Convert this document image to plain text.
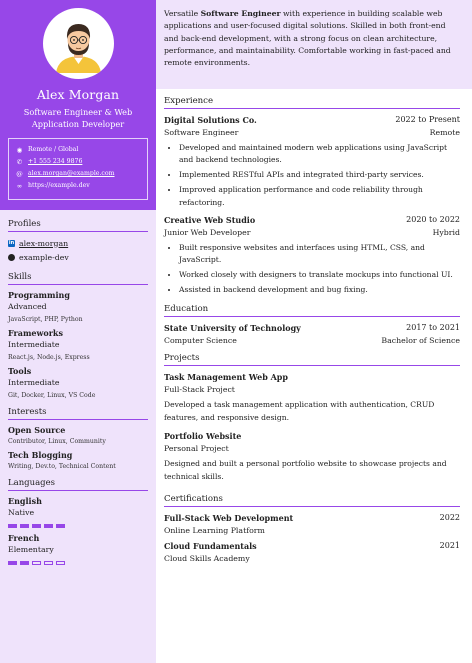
Alex Morgan
Software Engineer & Web Application Developer
◉ Remote / Global
✆ +1 555 234 9876
@ alex.morgan@example.com
∞ https://example.dev
Profiles
in alex-morgan
example-dev
Skills
Programming
Advanced
JavaScript, PHP, Python
Frameworks
Intermediate
React.js, Node.js, Express
Tools
Intermediate
Git, Docker, Linux, VS Code
Interests
Open Source
Contributor, Linux, Community
Tech Blogging
Writing, Dev.to, Technical Content
Languages
English
Native
French
Elementary
Versatile Software Engineer with experience in building scalable web applications and user-focused digital solutions. Skilled in both front-end and back-end development, with a strong focus on clean architecture, performance, and maintainability. Comfortable working in fast-paced and remote environments.
Experience
Digital Solutions Co.	2022 to Present
Software Engineer	Remote
• Developed and maintained modern web applications using JavaScript and backend technologies.
• Implemented RESTful APIs and integrated third-party services.
• Improved application performance and code reliability through refactoring.
Creative Web Studio	2020 to 2022
Junior Web Developer	Hybrid
• Built responsive websites and interfaces using HTML, CSS, and JavaScript.
• Worked closely with designers to translate mockups into functional UI.
• Assisted in backend development and bug fixing.
Education
State University of Technology	2017 to 2021
Computer Science	Bachelor of Science
Projects
Task Management Web App
Full-Stack Project
Developed a task management application with authentication, CRUD features, and responsive design.
Portfolio Website
Personal Project
Designed and built a personal portfolio website to showcase projects and technical skills.
Certifications
Full-Stack Web Development	2022
Online Learning Platform
Cloud Fundamentals	2021
Cloud Skills Academy
